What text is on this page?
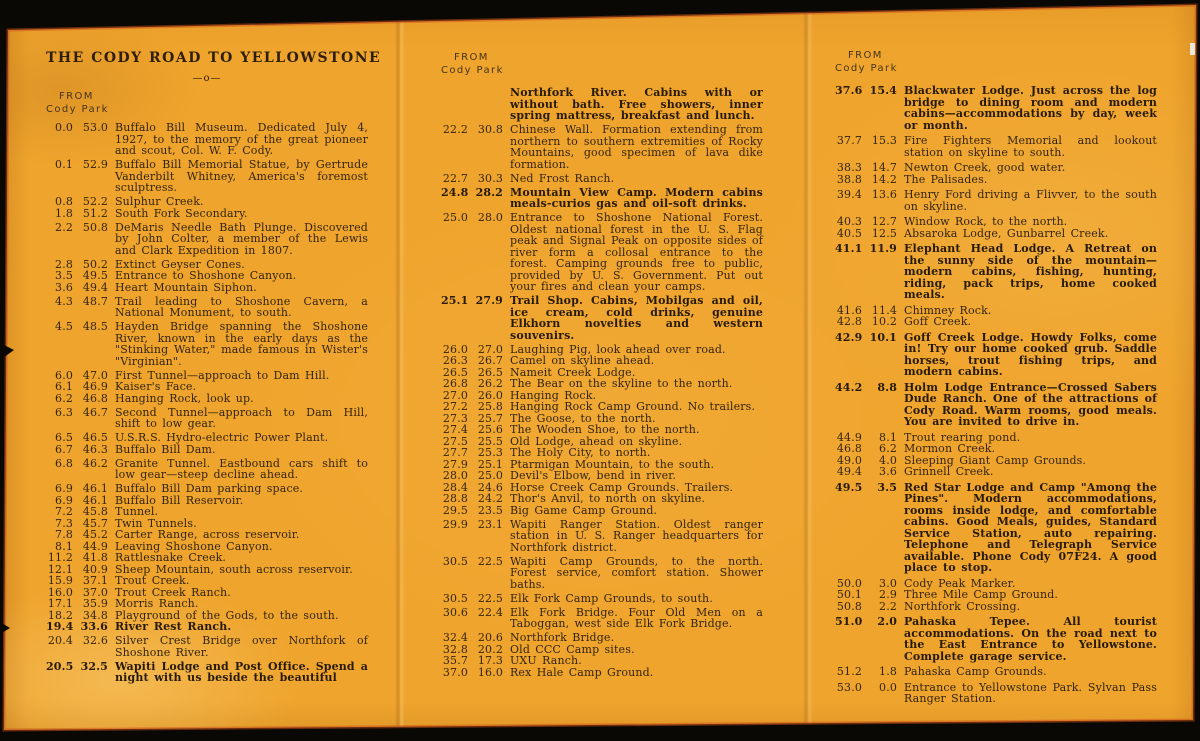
THE CODY ROAD TO YELLOWSTONE
—o—
FROM
Cody Park
0.0 53.0 Buffalo Bill Museum. Dedicated July 4, 1927, to the memory of the great pioneer and scout, Col. W. F. Cody.
0.1 52.9 Buffalo Bill Memorial Statue, by Gertrude Vanderbilt Whitney, America's foremost sculptress.
0.8 52.2 Sulphur Creek.
1.8 51.2 South Fork Secondary.
2.2 50.8 DeMaris Needle Bath Plunge. Discovered by John Colter, a member of the Lewis and Clark Expedition in 1807.
2.8 50.2 Extinct Geyser Cones.
3.5 49.5 Entrance to Shoshone Canyon.
3.6 49.4 Heart Mountain Siphon.
4.3 48.7 Trail leading to Shoshone Cavern, a National Monument, to south.
4.5 48.5 Hayden Bridge spanning the Shoshone River, known in the early days as the "Stinking Water," made famous in Wister's "Virginian".
6.0 47.0 First Tunnel—approach to Dam Hill.
6.1 46.9 Kaiser's Face.
6.2 46.8 Hanging Rock, look up.
6.3 46.7 Second Tunnel—approach to Dam Hill, shift to low gear.
6.5 46.5 U.S.R.S. Hydro-electric Power Plant.
6.7 46.3 Buffalo Bill Dam.
6.8 46.2 Granite Tunnel. Eastbound cars shift to low gear—steep decline ahead.
6.9 46.1 Buffalo Bill Dam parking space.
6.9 46.1 Buffalo Bill Reservoir.
7.2 45.8 Tunnel.
7.3 45.7 Twin Tunnels.
7.8 45.2 Carter Range, across reservoir.
8.1 44.9 Leaving Shoshone Canyon.
11.2 41.8 Rattlesnake Creek.
12.1 40.9 Sheep Mountain, south across reservoir.
15.9 37.1 Trout Creek.
16.0 37.0 Trout Creek Ranch.
17.1 35.9 Morris Ranch.
18.2 34.8 Playground of the Gods, to the south.
19.4 33.6 River Rest Ranch.
20.4 32.6 Silver Crest Bridge over Northfork of Shoshone River.
20.5 32.5 Wapiti Lodge and Post Office. Spend a night with us beside the beautiful
FROM
Cody Park
Northfork River. Cabins with or without bath. Free showers, inner spring mattress, breakfast and lunch.
22.2 30.8 Chinese Wall. Formation extending from northern to southern extremities of Rocky Mountains, good specimen of lava dike formation.
22.7 30.3 Ned Frost Ranch.
24.8 28.2 Mountain View Camp. Modern cabins meals-curios gas and oil-soft drinks.
25.0 28.0 Entrance to Shoshone National Forest. Oldest national forest in the U. S. Flag peak and Signal Peak on opposite sides of river form a collosal entrance to the forest. Camping grounds free to public, provided by U. S. Government. Put out your fires and clean your camps.
25.1 27.9 Trail Shop. Cabins, Mobilgas and oil, ice cream, cold drinks, genuine Elkhorn novelties and western souvenirs.
26.0 27.0 Laughing Pig, look ahead over road.
26.3 26.7 Camel on skyline ahead.
26.5 26.5 Nameit Creek Lodge.
26.8 26.2 The Bear on the skyline to the north.
27.0 26.0 Hanging Rock.
27.2 25.8 Hanging Rock Camp Ground. No trailers.
27.3 25.7 The Goose, to the north.
27.4 25.6 The Wooden Shoe, to the north.
27.5 25.5 Old Lodge, ahead on skyline.
27.7 25.3 The Holy City, to north.
27.9 25.1 Ptarmigan Mountain, to the south.
28.0 25.0 Devil's Elbow, bend in river.
28.4 24.6 Horse Creek Camp Grounds. Trailers.
28.8 24.2 Thor's Anvil, to north on skyline.
29.5 23.5 Big Game Camp Ground.
29.9 23.1 Wapiti Ranger Station. Oldest ranger station in U. S. Ranger headquarters for Northfork district.
30.5 22.5 Wapiti Camp Grounds, to the north. Forest service, comfort station. Shower baths.
30.5 22.5 Elk Fork Camp Grounds, to south.
30.6 22.4 Elk Fork Bridge. Four Old Men on a Taboggan, west side Elk Fork Bridge.
32.4 20.6 Northfork Bridge.
32.8 20.2 Old CCC Camp sites.
35.7 17.3 UXU Ranch.
37.0 16.0 Rex Hale Camp Ground.
FROM
Cody Park
37.6 15.4 Blackwater Lodge. Just across the log bridge to dining room and modern cabins—accommodations by day, week or month.
37.7 15.3 Fire Fighters Memorial and lookout station on skyline to south.
38.3 14.7 Newton Creek, good water.
38.8 14.2 The Palisades.
39.4 13.6 Henry Ford driving a Flivver, to the south on skyline.
40.3 12.7 Window Rock, to the north.
40.5 12.5 Absaroka Lodge, Gunbarrel Creek.
41.1 11.9 Elephant Head Lodge. A Retreat on the sunny side of the mountain—modern cabins, fishing, hunting, riding, pack trips, home cooked meals.
41.6 11.4 Chimney Rock.
42.8 10.2 Goff Creek.
42.9 10.1 Goff Creek Lodge. Howdy Folks, come in! Try our home cooked grub. Saddle horses, trout fishing trips, and modern cabins.
44.2 8.8 Holm Lodge Entrance—Crossed Sabers Dude Ranch. One of the attractions of Cody Road. Warm rooms, good meals. You are invited to drive in.
44.9 8.1 Trout rearing pond.
46.8 6.2 Mormon Creek.
49.0 4.0 Sleeping Giant Camp Grounds.
49.4 3.6 Grinnell Creek.
49.5 3.5 Red Star Lodge and Camp "Among the Pines". Modern accommodations, rooms inside lodge, and comfortable cabins. Good Meals, guides, Standard Service Station, auto repairing. Telephone and Telegraph Service available. Phone Cody 07F24. A good place to stop.
50.0 3.0 Cody Peak Marker.
50.1 2.9 Three Mile Camp Ground.
50.8 2.2 Northfork Crossing.
51.0 2.0 Pahaska Tepee. All tourist accommodations. On the road next to the East Entrance to Yellowstone. Complete garage service.
51.2 1.8 Pahaska Camp Grounds.
53.0 0.0 Entrance to Yellowstone Park. Sylvan Pass Ranger Station.
